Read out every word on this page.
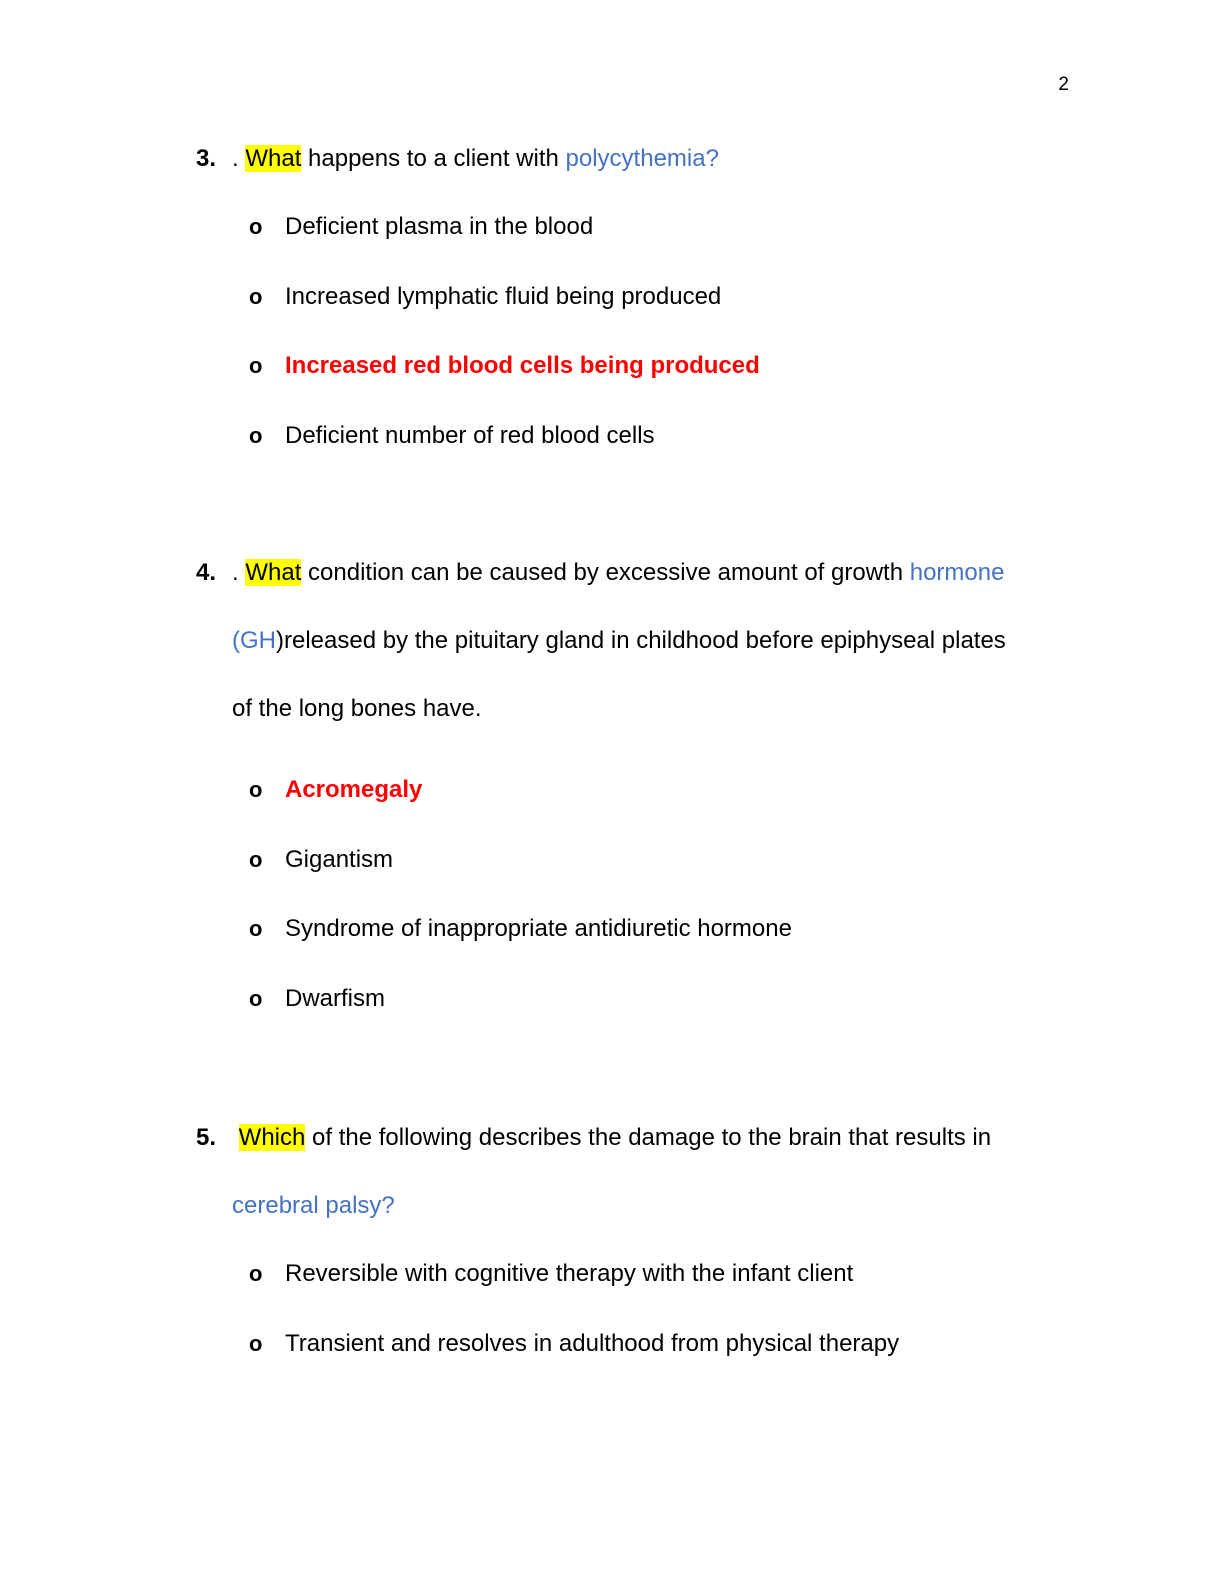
2
3. . What happens to a client with polycythemia?
o Deficient plasma in the blood
o Increased lymphatic fluid being produced
o Increased red blood cells being produced
o Deficient number of red blood cells
4. . What condition can be caused by excessive amount of growth hormone
(GH)released by the pituitary gland in childhood before epiphyseal plates
of the long bones have.
o Acromegaly
o Gigantism
o Syndrome of inappropriate antidiuretic hormone
o Dwarfism
5. Which of the following describes the damage to the brain that results in
cerebral palsy?
o Reversible with cognitive therapy with the infant client
o Transient and resolves in adulthood from physical therapy
